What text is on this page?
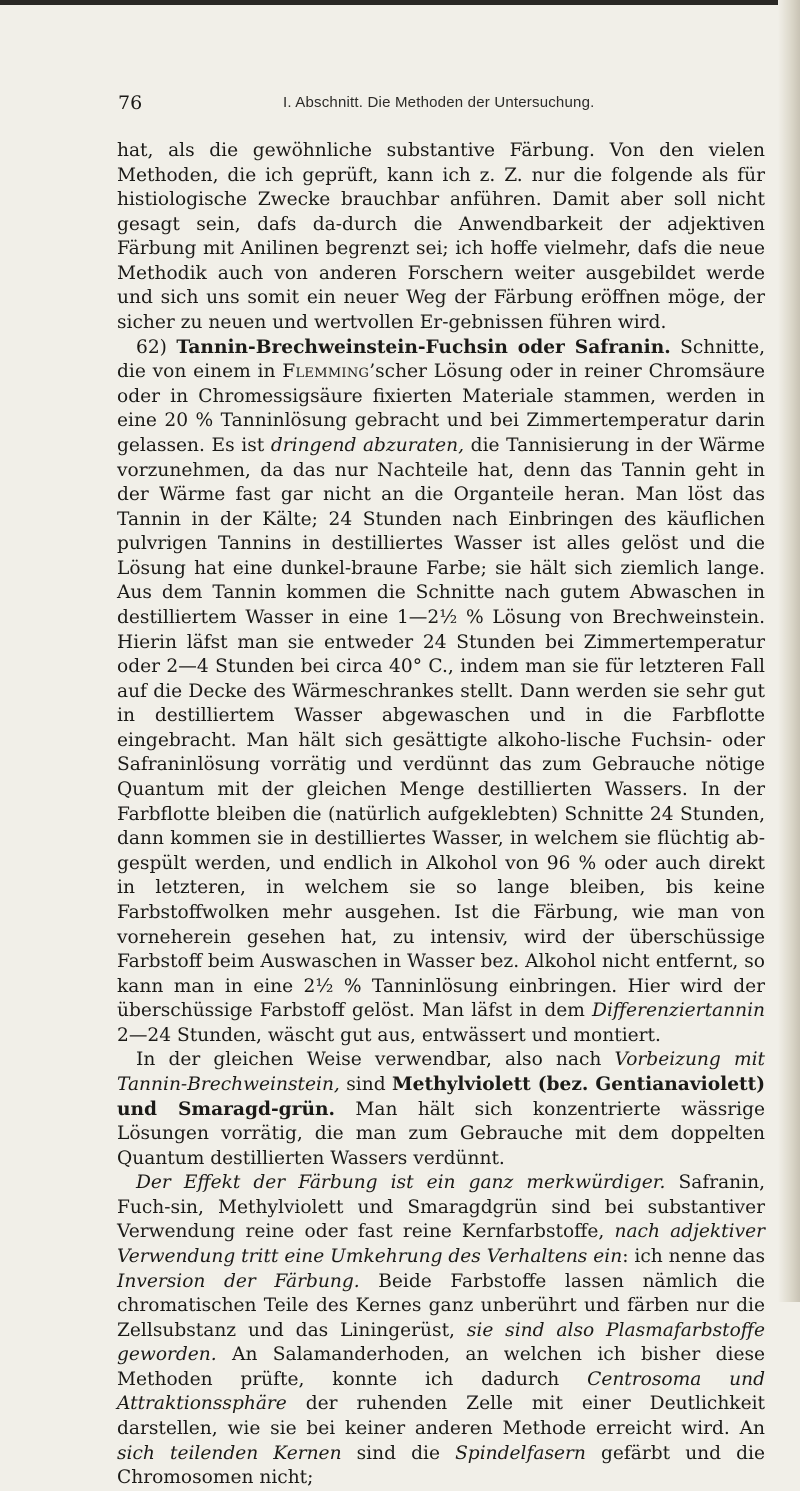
76	I. Abschnitt. Die Methoden der Untersuchung.

hat, als die gewöhnliche substantive Färbung. Von den vielen Methoden, die ich geprüft, kann ich z. Z. nur die folgende als für histiologische Zwecke brauchbar anführen. Damit aber soll nicht gesagt sein, dafs da-durch die Anwendbarkeit der adjektiven Färbung mit Anilinen begrenzt sei; ich hoffe vielmehr, dafs die neue Methodik auch von anderen Forschern weiter ausgebildet werde und sich uns somit ein neuer Weg der Färbung eröffnen möge, der sicher zu neuen und wertvollen Er-gebnissen führen wird.

62) Tannin-Brechweinstein-Fuchsin oder Safranin. Schnitte, die von einem in Flemming’scher Lösung oder in reiner Chromsäure oder in Chromessigsäure fixierten Materiale stammen, werden in eine 20 % Tanninlösung gebracht und bei Zimmertemperatur darin gelassen. Es ist dringend abzuraten, die Tannisierung in der Wärme vorzunehmen, da das nur Nachteile hat, denn das Tannin geht in der Wärme fast gar nicht an die Organteile heran. Man löst das Tannin in der Kälte; 24 Stunden nach Einbringen des käuflichen pulvrigen Tannins in destilliertes Wasser ist alles gelöst und die Lösung hat eine dunkel-braune Farbe; sie hält sich ziemlich lange. Aus dem Tannin kommen die Schnitte nach gutem Abwaschen in destilliertem Wasser in eine 1—2½ % Lösung von Brechweinstein. Hierin läfst man sie entweder 24 Stunden bei Zimmertemperatur oder 2—4 Stunden bei circa 40° C., indem man sie für letzteren Fall auf die Decke des Wärmeschrankes stellt. Dann werden sie sehr gut in destilliertem Wasser abgewaschen und in die Farbflotte eingebracht. Man hält sich gesättigte alkoho-lische Fuchsin- oder Safraninlösung vorrätig und verdünnt das zum Gebrauche nötige Quantum mit der gleichen Menge destillierten Wassers. In der Farbflotte bleiben die (natürlich aufgeklebten) Schnitte 24 Stunden, dann kommen sie in destilliertes Wasser, in welchem sie flüchtig ab-gespült werden, und endlich in Alkohol von 96 % oder auch direkt in letzteren, in welchem sie so lange bleiben, bis keine Farbstoffwolken mehr ausgehen. Ist die Färbung, wie man von vorneherein gesehen hat, zu intensiv, wird der überschüssige Farbstoff beim Auswaschen in Wasser bez. Alkohol nicht entfernt, so kann man in eine 2½ % Tanninlösung einbringen. Hier wird der überschüssige Farbstoff gelöst. Man läfst in dem Differenziertannin 2—24 Stunden, wäscht gut aus, entwässert und montiert.

In der gleichen Weise verwendbar, also nach Vorbeizung mit Tannin-Brechweinstein, sind Methylviolett (bez. Gentianaviolett) und Smaragd-grün. Man hält sich konzentrierte wässrige Lösungen vorrätig, die man zum Gebrauche mit dem doppelten Quantum destillierten Wassers verdünnt.

Der Effekt der Färbung ist ein ganz merkwürdiger. Safranin, Fuch-sin, Methylviolett und Smaragdgrün sind bei substantiver Verwendung reine oder fast reine Kernfarbstoffe, nach adjektiver Verwendung tritt eine Umkehrung des Verhaltens ein: ich nenne das Inversion der Färbung. Beide Farbstoffe lassen nämlich die chromatischen Teile des Kernes ganz unberührt und färben nur die Zellsubstanz und das Liningerüst, sie sind also Plasmafarbstoffe geworden. An Salamanderhoden, an welchen ich bisher diese Methoden prüfte, konnte ich dadurch Centrosoma und Attraktionssphäre der ruhenden Zelle mit einer Deutlichkeit darstellen, wie sie bei keiner anderen Methode erreicht wird. An sich teilenden Kernen sind die Spindelfasern gefärbt und die Chromosomen nicht;
